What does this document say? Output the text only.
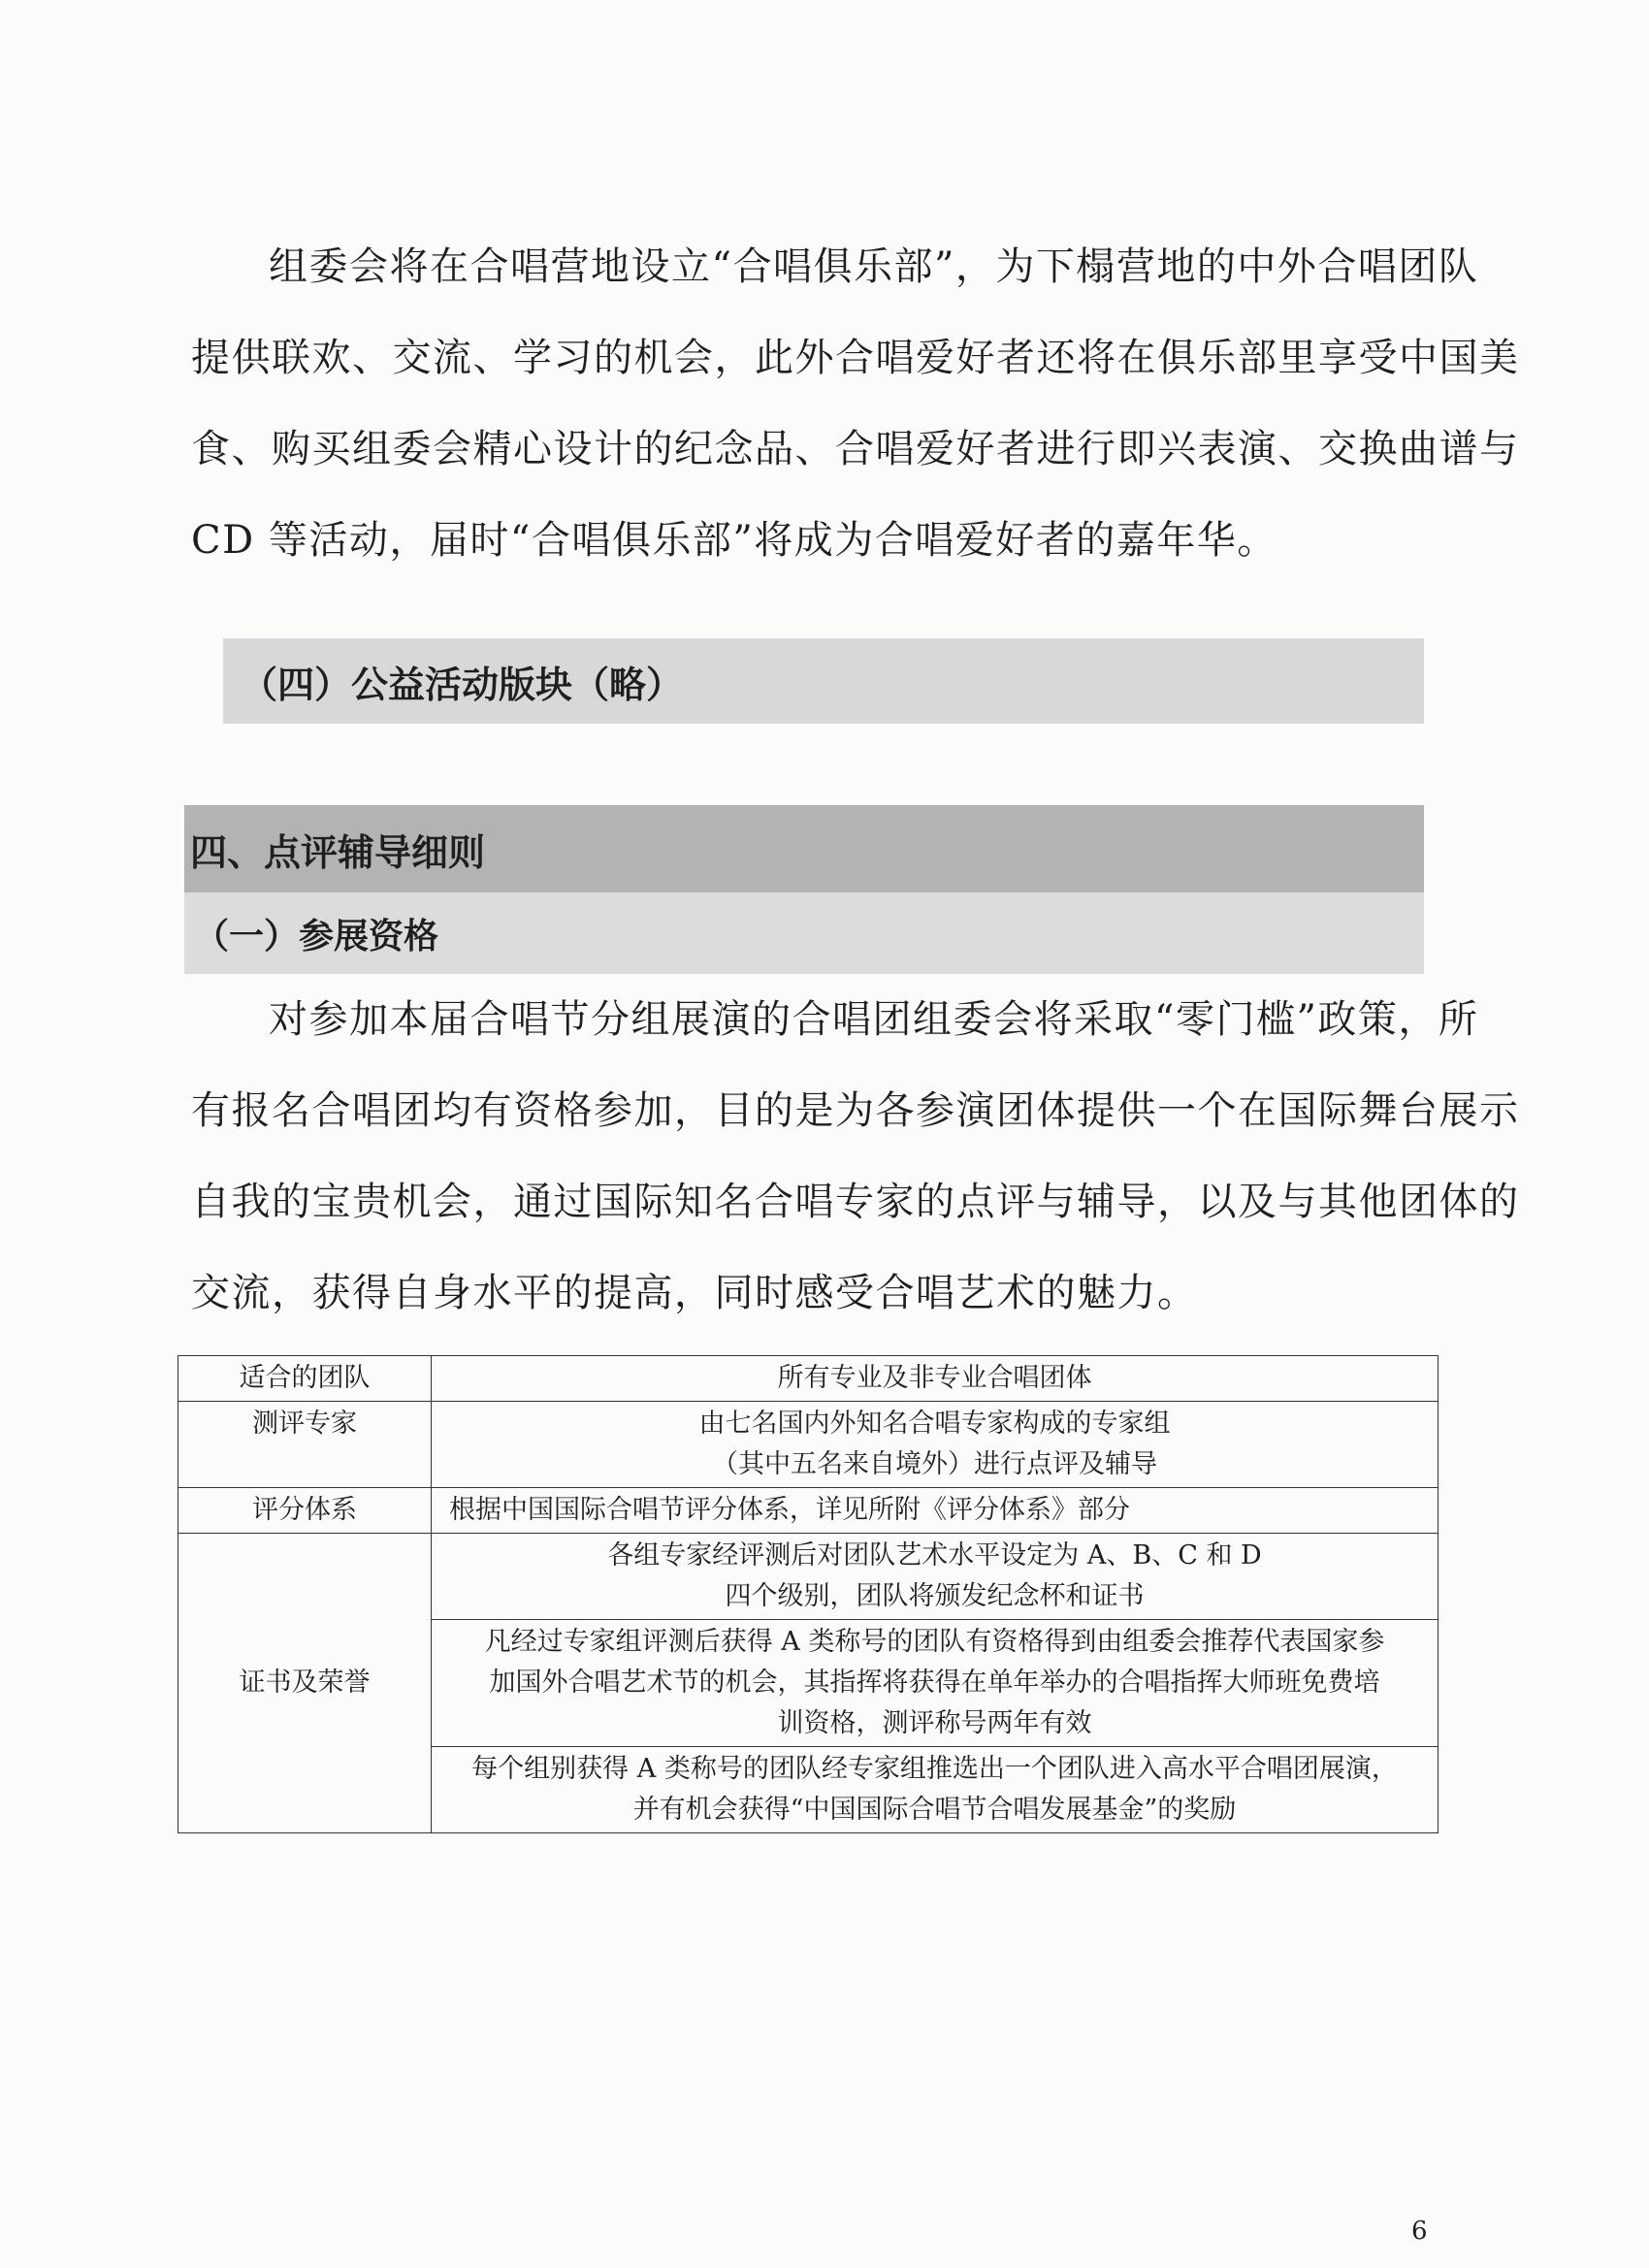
组委会将在合唱营地设立“合唱俱乐部”，为下榻营地的中外合唱团队
提供联欢、交流、学习的机会，此外合唱爱好者还将在俱乐部里享受中国美
食、购买组委会精心设计的纪念品、合唱爱好者进行即兴表演、交换曲谱与
CD 等活动，届时“合唱俱乐部”将成为合唱爱好者的嘉年华。
（四）公益活动版块（略）
四、点评辅导细则
（一）参展资格
对参加本届合唱节分组展演的合唱团组委会将采取“零门槛”政策，所
有报名合唱团均有资格参加，目的是为各参演团体提供一个在国际舞台展示
自我的宝贵机会，通过国际知名合唱专家的点评与辅导，以及与其他团体的
交流，获得自身水平的提高，同时感受合唱艺术的魅力。
适合的团队	所有专业及非专业合唱团体
测评专家	由七名国内外知名合唱专家构成的专家组
（其中五名来自境外）进行点评及辅导

评分体系	根据中国国际合唱节评分体系，详见所附《评分体系》部分
证书及荣誉	各组专家经评测后对团队艺术水平设定为 A、B、C 和 D
四个级别，团队将颁发纪念杯和证书

	凡经过专家组评测后获得 A 类称号的团队有资格得到由组委会推荐代表国家参
加国外合唱艺术节的机会，其指挥将获得在单年举办的合唱指挥大师班免费培
训资格，测评称号两年有效

	每个组别获得 A 类称号的团队经专家组推选出一个团队进入高水平合唱团展演，
并有机会获得“中国国际合唱节合唱发展基金”的奖励
6
